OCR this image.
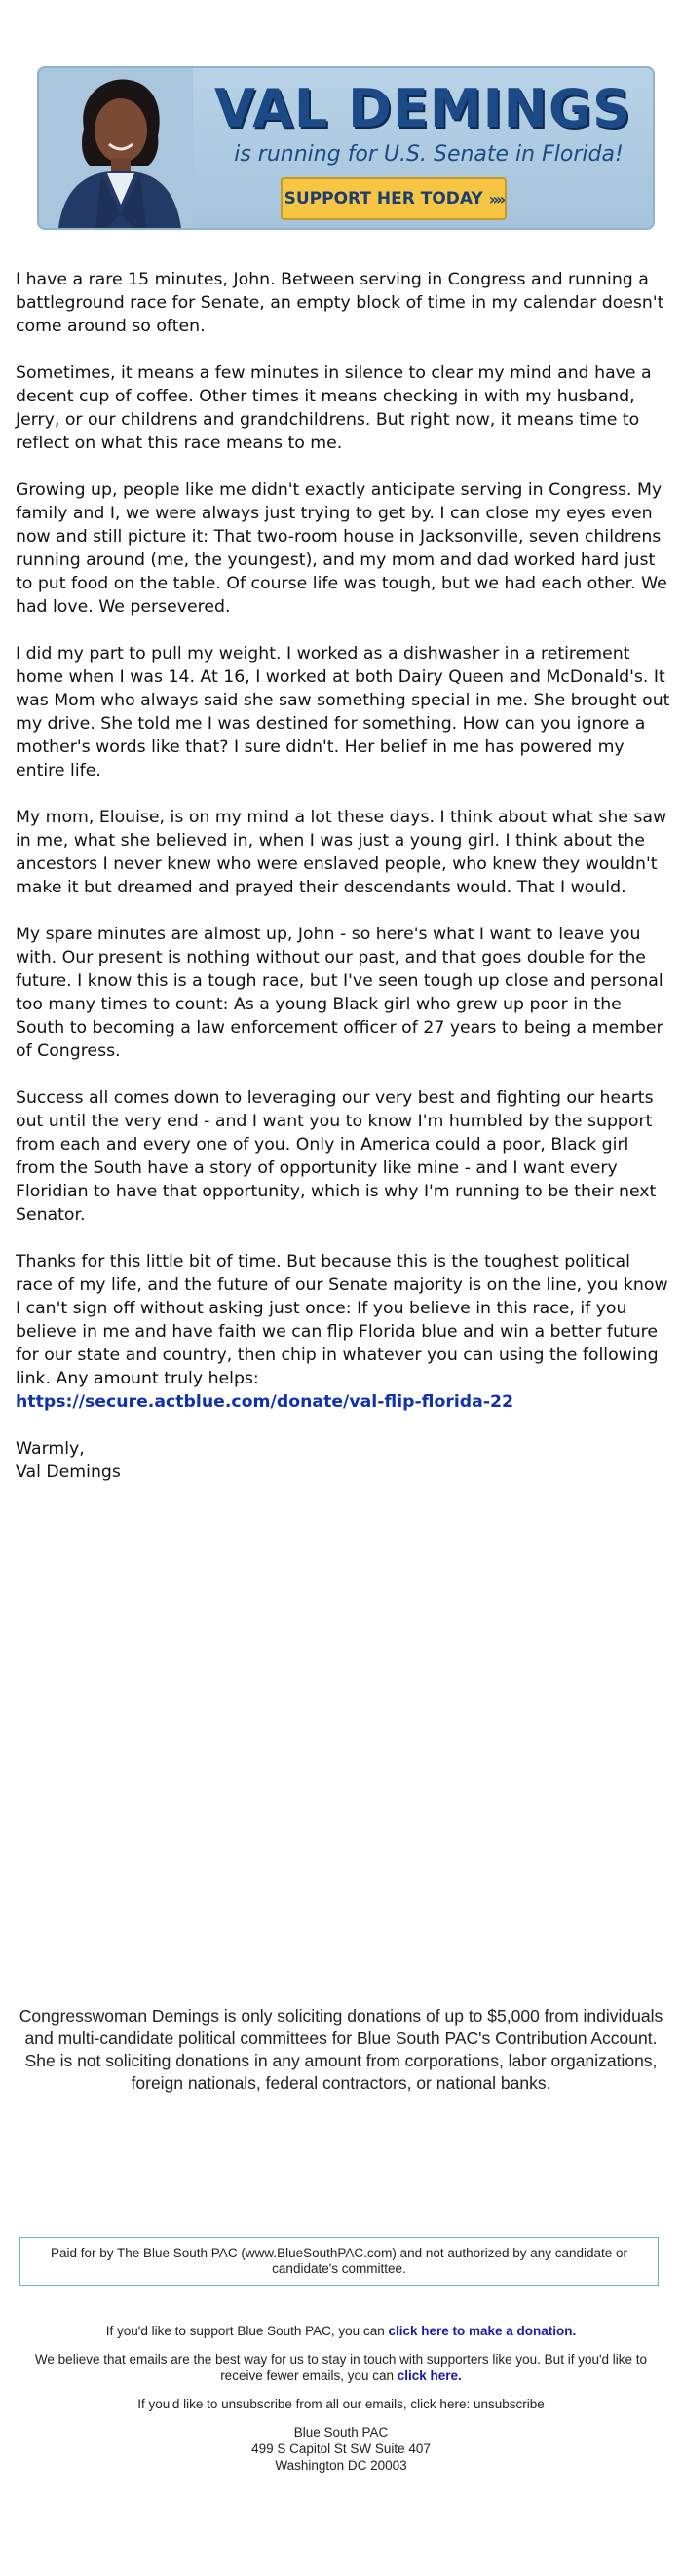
VAL DEMINGS
is running for U.S. Senate in Florida!
SUPPORT HER TODAY »»

I have a rare 15 minutes, John. Between serving in Congress and running a battleground race for Senate, an empty block of time in my calendar doesn't come around so often.

Sometimes, it means a few minutes in silence to clear my mind and have a decent cup of coffee. Other times it means checking in with my husband, Jerry, or our childrens and grandchildrens. But right now, it means time to reflect on what this race means to me.

Growing up, people like me didn't exactly anticipate serving in Congress. My family and I, we were always just trying to get by. I can close my eyes even now and still picture it: That two-room house in Jacksonville, seven childrens running around (me, the youngest), and my mom and dad worked hard just to put food on the table. Of course life was tough, but we had each other. We had love. We persevered.

I did my part to pull my weight. I worked as a dishwasher in a retirement home when I was 14. At 16, I worked at both Dairy Queen and McDonald's. It was Mom who always said she saw something special in me. She brought out my drive. She told me I was destined for something. How can you ignore a mother's words like that? I sure didn't. Her belief in me has powered my entire life.

My mom, Elouise, is on my mind a lot these days. I think about what she saw in me, what she believed in, when I was just a young girl. I think about the ancestors I never knew who were enslaved people, who knew they wouldn't make it but dreamed and prayed their descendants would. That I would.

My spare minutes are almost up, John - so here's what I want to leave you with. Our present is nothing without our past, and that goes double for the future. I know this is a tough race, but I've seen tough up close and personal too many times to count: As a young Black girl who grew up poor in the South to becoming a law enforcement officer of 27 years to being a member of Congress.

Success all comes down to leveraging our very best and fighting our hearts out until the very end - and I want you to know I'm humbled by the support from each and every one of you. Only in America could a poor, Black girl from the South have a story of opportunity like mine - and I want every Floridian to have that opportunity, which is why I'm running to be their next Senator.

Thanks for this little bit of time. But because this is the toughest political race of my life, and the future of our Senate majority is on the line, you know I can't sign off without asking just once: If you believe in this race, if you believe in me and have faith we can flip Florida blue and win a better future for our state and country, then chip in whatever you can using the following link. Any amount truly helps:
https://secure.actblue.com/donate/val-flip-florida-22

Warmly,
Val Demings

Congresswoman Demings is only soliciting donations of up to $5,000 from individuals and multi-candidate political committees for Blue South PAC's Contribution Account. She is not soliciting donations in any amount from corporations, labor organizations, foreign nationals, federal contractors, or national banks.
Paid for by The Blue South PAC (www.BlueSouthPAC.com) and not authorized by any candidate or candidate's committee.

If you'd like to support Blue South PAC, you can click here to make a donation.

We believe that emails are the best way for us to stay in touch with supporters like you. But if you'd like to receive fewer emails, you can click here.

If you'd like to unsubscribe from all our emails, click here: unsubscribe

Blue South PAC
499 S Capitol St SW Suite 407
Washington DC 20003
